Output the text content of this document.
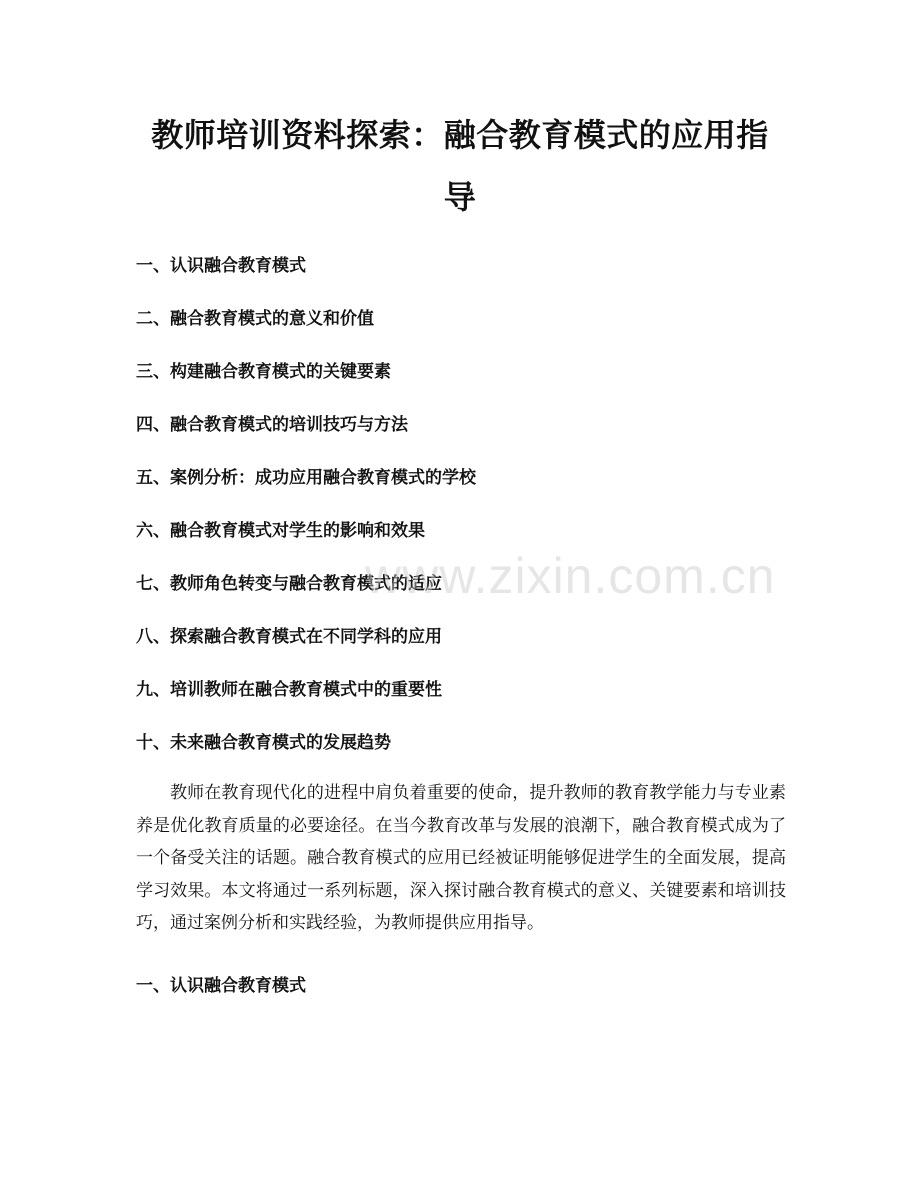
教师培训资料探索：融合教育模式的应用指导
一、认识融合教育模式
二、融合教育模式的意义和价值
三、构建融合教育模式的关键要素
四、融合教育模式的培训技巧与方法
五、案例分析：成功应用融合教育模式的学校
六、融合教育模式对学生的影响和效果
七、教师角色转变与融合教育模式的适应
八、探索融合教育模式在不同学科的应用
九、培训教师在融合教育模式中的重要性
十、未来融合教育模式的发展趋势
www.zixin.com.cn

教师在教育现代化的进程中肩负着重要的使命，提升教师的教育教学能力与专业素养是优化教育质量的必要途径。在当今教育改革与发展的浪潮下，融合教育模式成为了一个备受关注的话题。融合教育模式的应用已经被证明能够促进学生的全面发展，提高学习效果。本文将通过一系列标题，深入探讨融合教育模式的意义、关键要素和培训技巧，通过案例分析和实践经验，为教师提供应用指导。

一、认识融合教育模式
